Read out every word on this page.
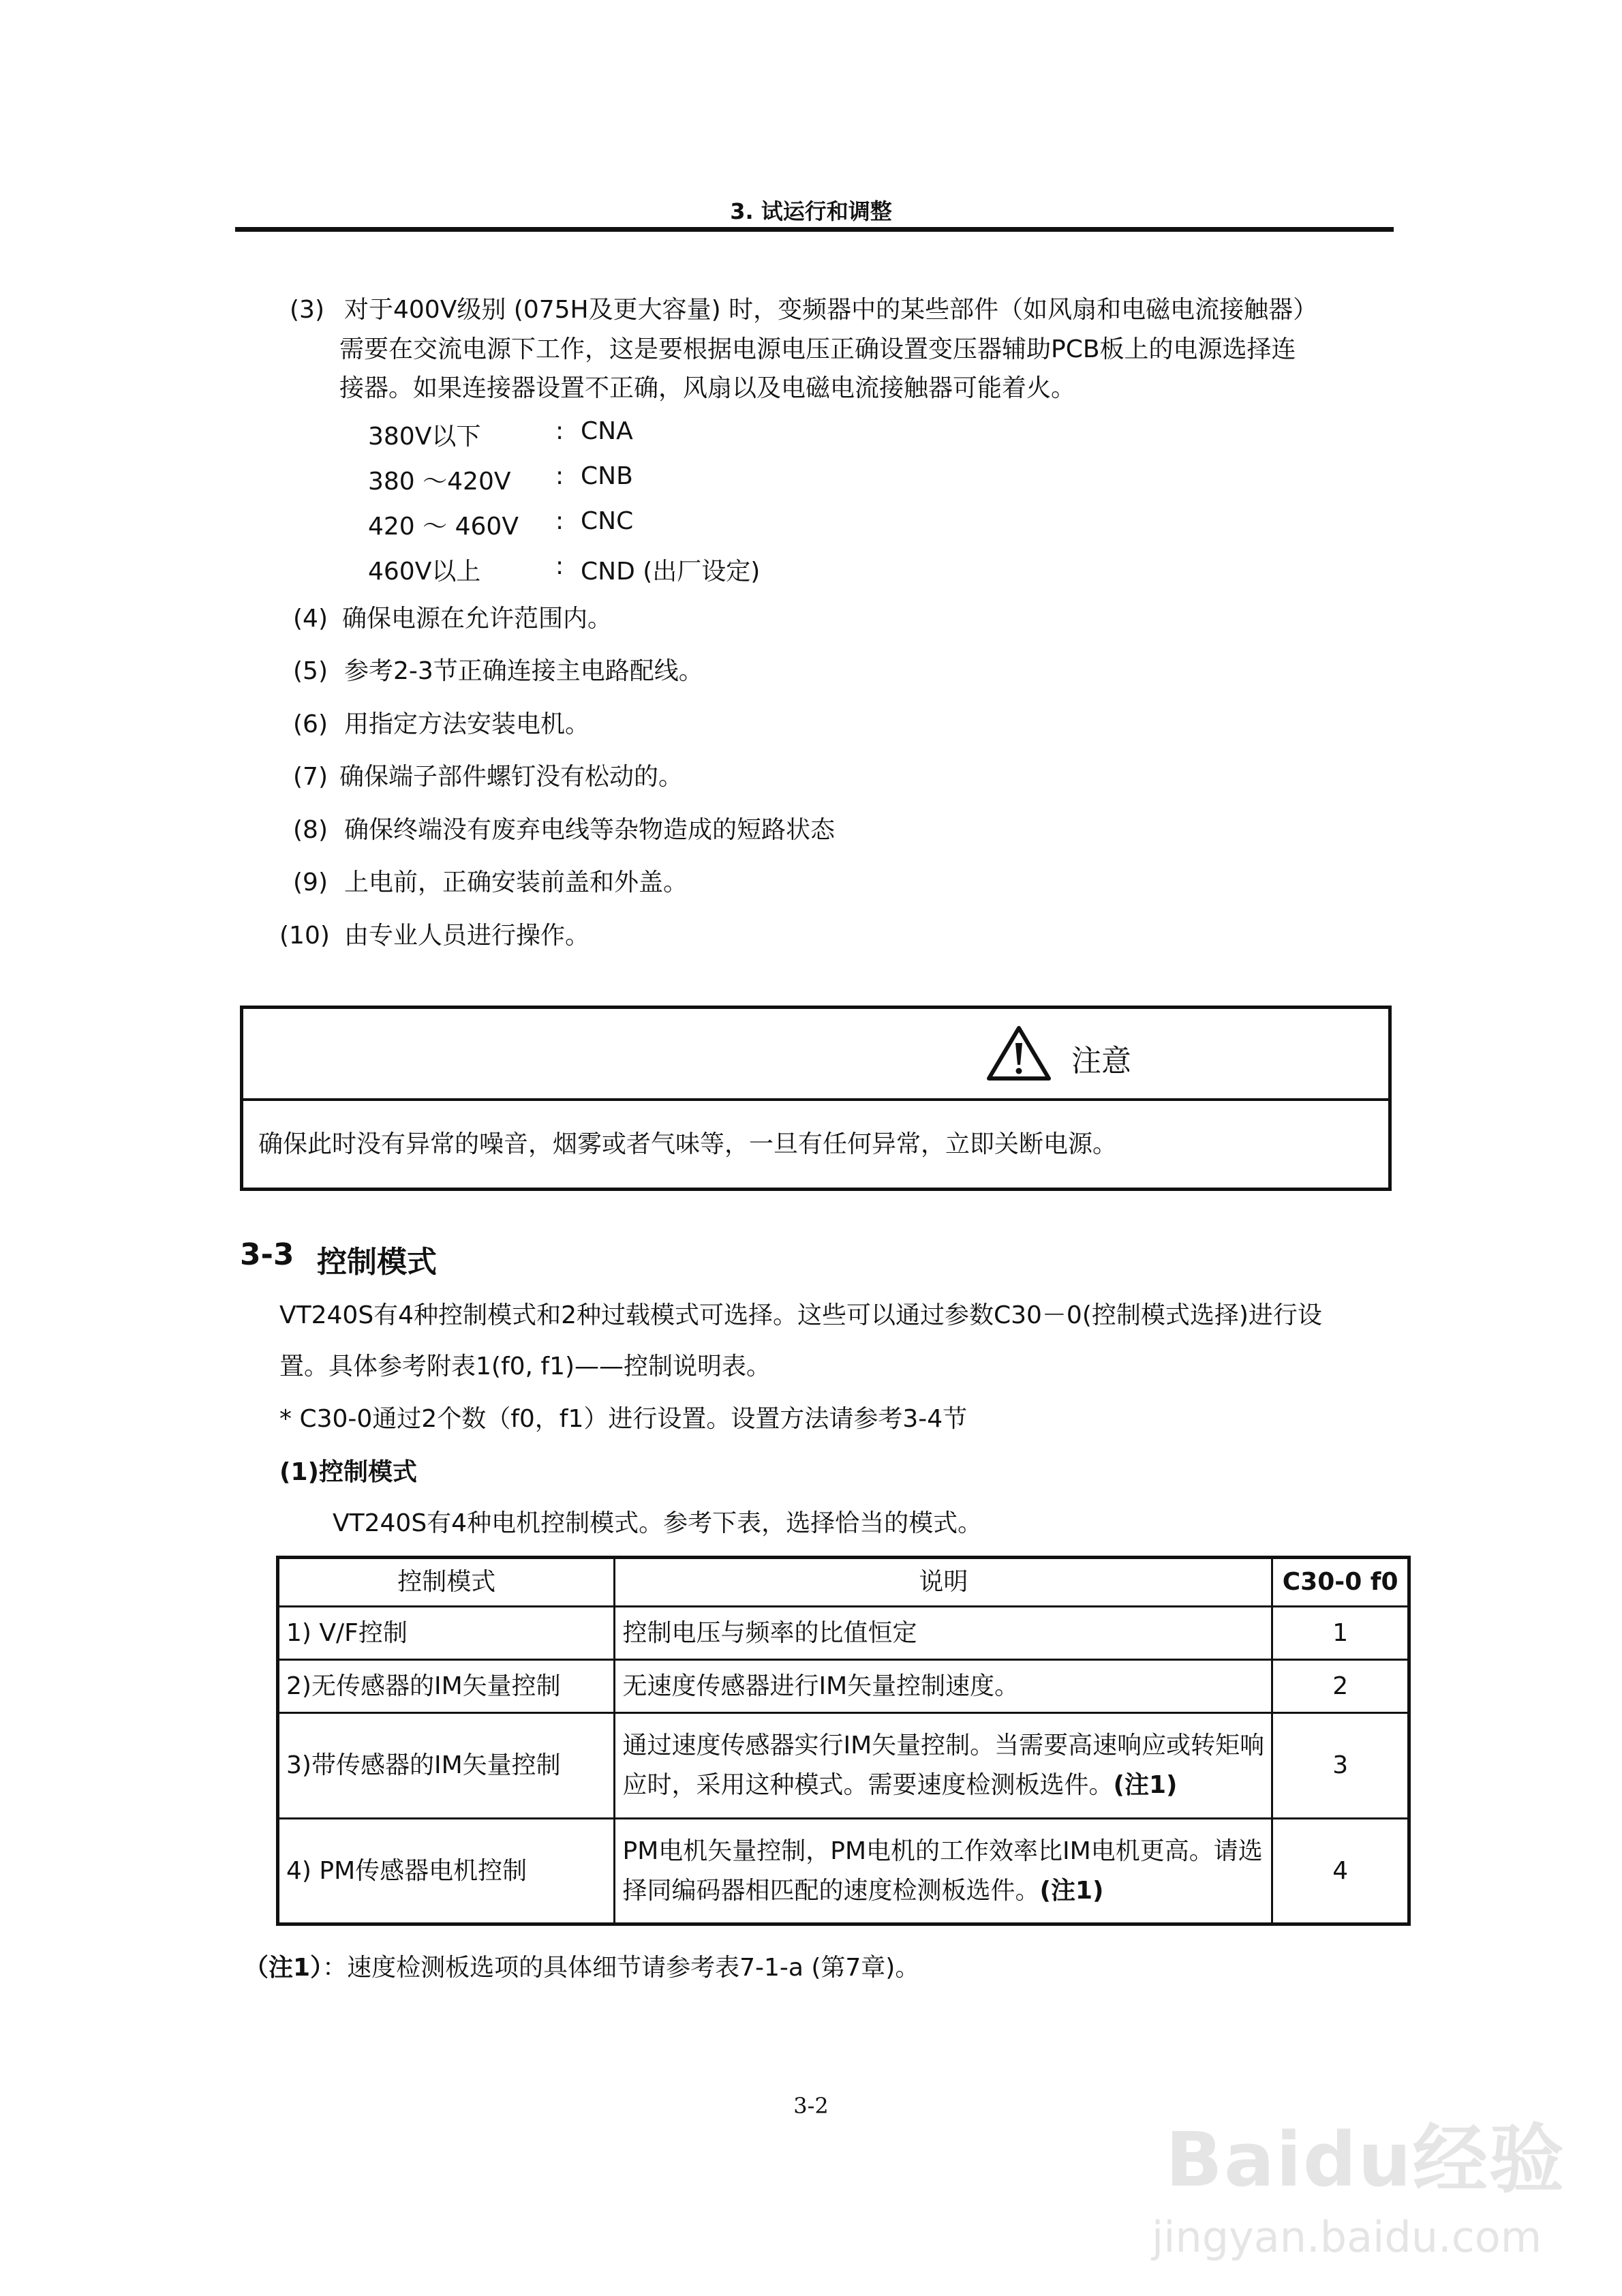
3. 试运行和调整
(3) 对于400V级别 (075H及更大容量) 时，变频器中的某些部件（如风扇和电磁电流接触器）
需要在交流电源下工作，这是要根据电源电压正确设置变压器辅助PCB板上的电源选择连
接器。如果连接器设置不正确，风扇以及电磁电流接触器可能着火。
380V以下	: CNA
380 ～420V : CNB
420 ～ 460V : CNC
460V以上	: CND (出厂设定)
(4) 确保电源在允许范围内。
(5) 参考2-3节正确连接主电路配线。
(6) 用指定方法安装电机。
(7) 确保端子部件螺钉没有松动的。
(8) 确保终端没有废弃电线等杂物造成的短路状态
(9) 上电前，正确安装前盖和外盖。
(10) 由专业人员进行操作。
注意
确保此时没有异常的噪音，烟雾或者气味等，一旦有任何异常，立即关断电源。
3-3 控制模式
VT240S有4种控制模式和2种过载模式可选择。这些可以通过参数C30－0(控制模式选择)进行设
置。具体参考附表1(f0, f1)——控制说明表。
* C30-0通过2个数（f0，f1）进行设置。设置方法请参考3-4节
(1)控制模式
VT240S有4种电机控制模式。参考下表，选择恰当的模式。
控制模式	说明	C30-0 f0
1) V/F控制	控制电压与频率的比值恒定	1
2)无传感器的IM矢量控制	无速度传感器进行IM矢量控制速度。	2
3)带传感器的IM矢量控制	通过速度传感器实行IM矢量控制。当需要高速响应或转矩响应时，采用这种模式。需要速度检测板选件。(注1)	3
4) PM传感器电机控制	PM电机矢量控制，PM电机的工作效率比IM电机更高。请选择同编码器相匹配的速度检测板选件。(注1)	4
（注1）：速度检测板选项的具体细节请参考表7-1-a (第7章)。
3-2
Baidu经验
jingyan.baidu.com
